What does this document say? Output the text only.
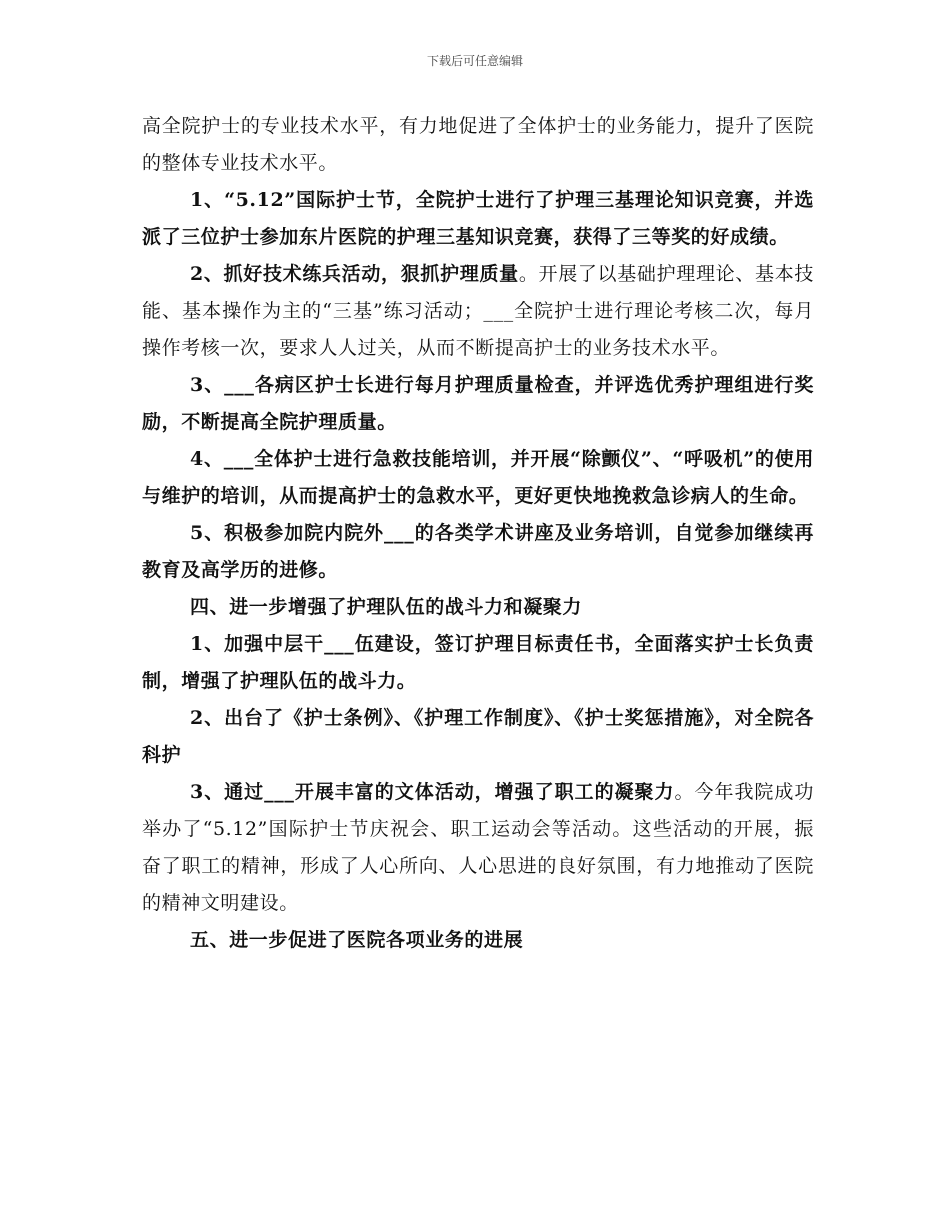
下载后可任意编辑

高全院护士的专业技术水平，有力地促进了全体护士的业务能力，提升了医院的整体专业技术水平。

1、“5.12”国际护士节，全院护士进行了护理三基理论知识竞赛，并选派了三位护士参加东片医院的护理三基知识竞赛，获得了三等奖的好成绩。

2、抓好技术练兵活动，狠抓护理质量。开展了以基础护理理论、基本技能、基本操作为主的“三基”练习活动；___全院护士进行理论考核二次，每月操作考核一次，要求人人过关，从而不断提高护士的业务技术水平。

3、___各病区护士长进行每月护理质量检查，并评选优秀护理组进行奖励，不断提高全院护理质量。

4、___全体护士进行急救技能培训，并开展“除颤仪”、“呼吸机”的使用与维护的培训，从而提高护士的急救水平，更好更快地挽救急诊病人的生命。

5、积极参加院内院外___的各类学术讲座及业务培训，自觉参加继续再教育及高学历的进修。

四、进一步增强了护理队伍的战斗力和凝聚力

1、加强中层干___伍建设，签订护理目标责任书，全面落实护士长负责制，增强了护理队伍的战斗力。

2、出台了《护士条例》、《护理工作制度》、《护士奖惩措施》，对全院各科护

3、通过___开展丰富的文体活动，增强了职工的凝聚力。今年我院成功举办了“5.12”国际护士节庆祝会、职工运动会等活动。这些活动的开展，振奋了职工的精神，形成了人心所向、人心思进的良好氛围，有力地推动了医院的精神文明建设。

五、进一步促进了医院各项业务的进展
